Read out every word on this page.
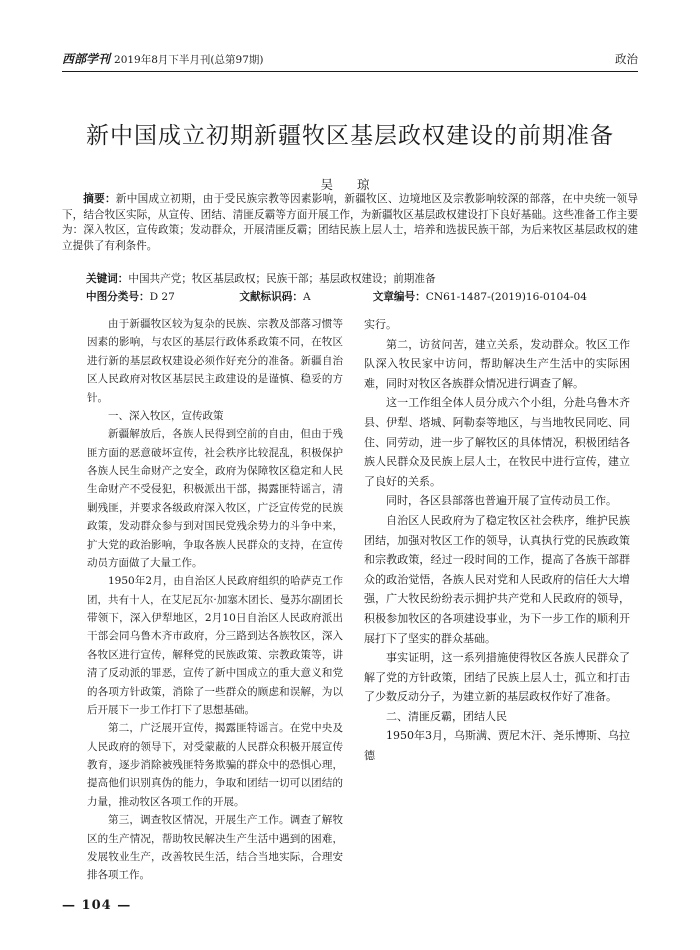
西部学刊 2019年8月下半月刊(总第97期)	政治
新中国成立初期新疆牧区基层政权建设的前期准备
吴 琼
摘要：新中国成立初期，由于受民族宗教等因素影响，新疆牧区、边境地区及宗教影响较深的部落，在中央统一领导下，结合牧区实际，从宣传、团结、清匪反霸等方面开展工作，为新疆牧区基层政权建设打下良好基础。这些准备工作主要为：深入牧区，宣传政策；发动群众，开展清匪反霸；团结民族上层人士，培养和选拔民族干部，为后来牧区基层政权的建立提供了有利条件。
关键词：中国共产党；牧区基层政权；民族干部；基层政权建设；前期准备
中图分类号：D 27	文献标识码：A	文章编号：CN61-1487-(2019)16-0104-04

由于新疆牧区较为复杂的民族、宗教及部落习惯等因素的影响，与农区的基层行政体系政策不同，在牧区进行新的基层政权建设必须作好充分的准备。新疆自治区人民政府对牧区基层民主政建设的是谨慎、稳妥的方针。

一、深入牧区，宣传政策

新疆解放后，各族人民得到空前的自由，但由于残匪方面的恶意破坏宣传，社会秩序比较混乱，积极保护各族人民生命财产之安全，政府为保障牧区稳定和人民生命财产不受侵犯，积极派出干部，揭露匪特谣言，清剿残匪，并要求各级政府深入牧区，广泛宣传党的民族政策，发动群众参与到对国民党残余势力的斗争中来，扩大党的政治影响，争取各族人民群众的支持，在宣传动员方面做了大量工作。

1950年2月，由自治区人民政府组织的哈萨克工作团，共有十人，在艾尼瓦尔·加塞木团长、曼苏尔副团长带领下，深入伊犁地区，2月10日自治区人民政府派出干部会同乌鲁木齐市政府，分三路到达各族牧区，深入各牧区进行宣传，解释党的民族政策、宗教政策等，讲清了反动派的罪恶，宣传了新中国成立的重大意义和党的各项方针政策，消除了一些群众的顾虑和误解，为以后开展下一步工作打下了思想基础。

第二，广泛展开宣传，揭露匪特谣言。在党中央及人民政府的领导下，对受蒙蔽的人民群众积极开展宣传教育，逐步消除被残匪特务欺骗的群众中的恐惧心理，提高他们识别真伪的能力，争取和团结一切可以团结的力量，推动牧区各项工作的开展。

第三，调查牧区情况，开展生产工作。调查了解牧区的生产情况，帮助牧民解决生产生活中遇到的困难，发展牧业生产，改善牧民生活，结合当地实际，合理安排各项工作。

实行。

第二，访贫问苦，建立关系，发动群众。牧区工作队深入牧民家中访问，帮助解决生产生活中的实际困难，同时对牧区各族群众情况进行调查了解。

这一工作组全体人员分成六个小组，分赴乌鲁木齐县、伊犁、塔城、阿勒泰等地区，与当地牧民同吃、同住、同劳动，进一步了解牧区的具体情况，积极团结各族人民群众及民族上层人士，在牧民中进行宣传，建立了良好的关系。

同时，各区县部落也普遍开展了宣传动员工作。

自治区人民政府为了稳定牧区社会秩序，维护民族团结，加强对牧区工作的领导，认真执行党的民族政策和宗教政策，经过一段时间的工作，提高了各族干部群众的政治觉悟，各族人民对党和人民政府的信任大大增强，广大牧民纷纷表示拥护共产党和人民政府的领导，积极参加牧区的各项建设事业，为下一步工作的顺利开展打下了坚实的群众基础。

事实证明，这一系列措施使得牧区各族人民群众了解了党的方针政策，团结了民族上层人士，孤立和打击了少数反动分子，为建立新的基层政权作好了准备。

二、清匪反霸，团结人民

1950年3月，乌斯满、贾尼木汗、尧乐博斯、乌拉德

— 104 —
